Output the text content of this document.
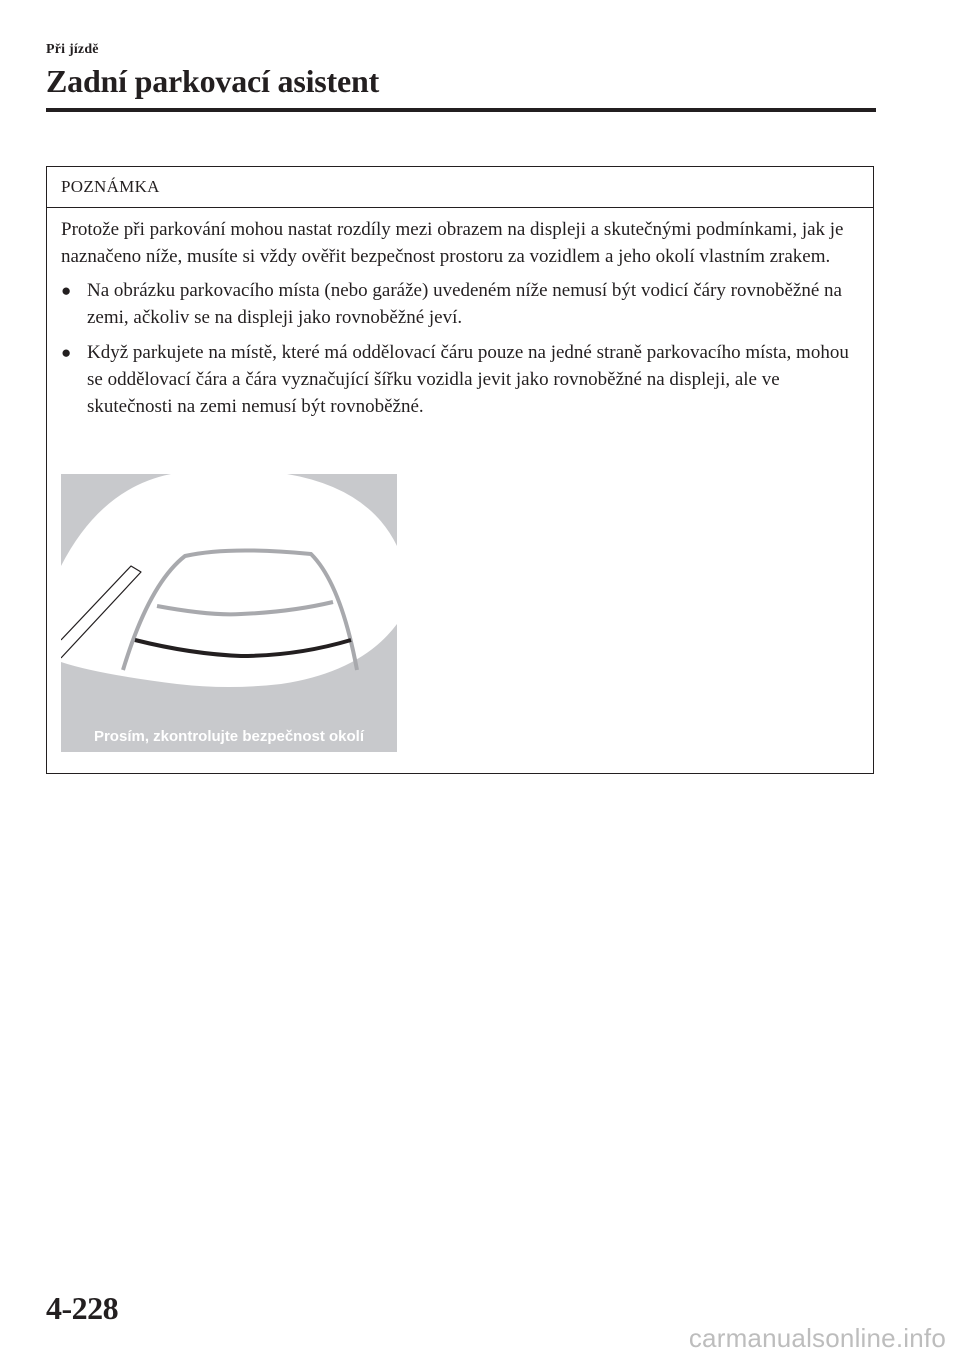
Při jízdě
Zadní parkovací asistent
POZNÁMKA

Protože při parkování mohou nastat rozdíly mezi obrazem na displeji a skutečnými podmínkami, jak je naznačeno níže, musíte si vždy ověřit bezpečnost prostoru za vozidlem a jeho okolí vlastním zrakem.

● Na obrázku parkovacího místa (nebo garáže) uvedeném níže nemusí být vodicí čáry rovnoběžné na zemi, ačkoliv se na displeji jako rovnoběžné jeví.
● Když parkujete na místě, které má oddělovací čáru pouze na jedné straně parkovacího místa, mohou se oddělovací čára a čára vyznačující šířku vozidla jevit jako rovnoběžné na displeji, ale ve skutečnosti na zemi nemusí být rovnoběžné.
Prosím, zkontrolujte bezpečnost okolí
4-228
carmanualsonline.info
